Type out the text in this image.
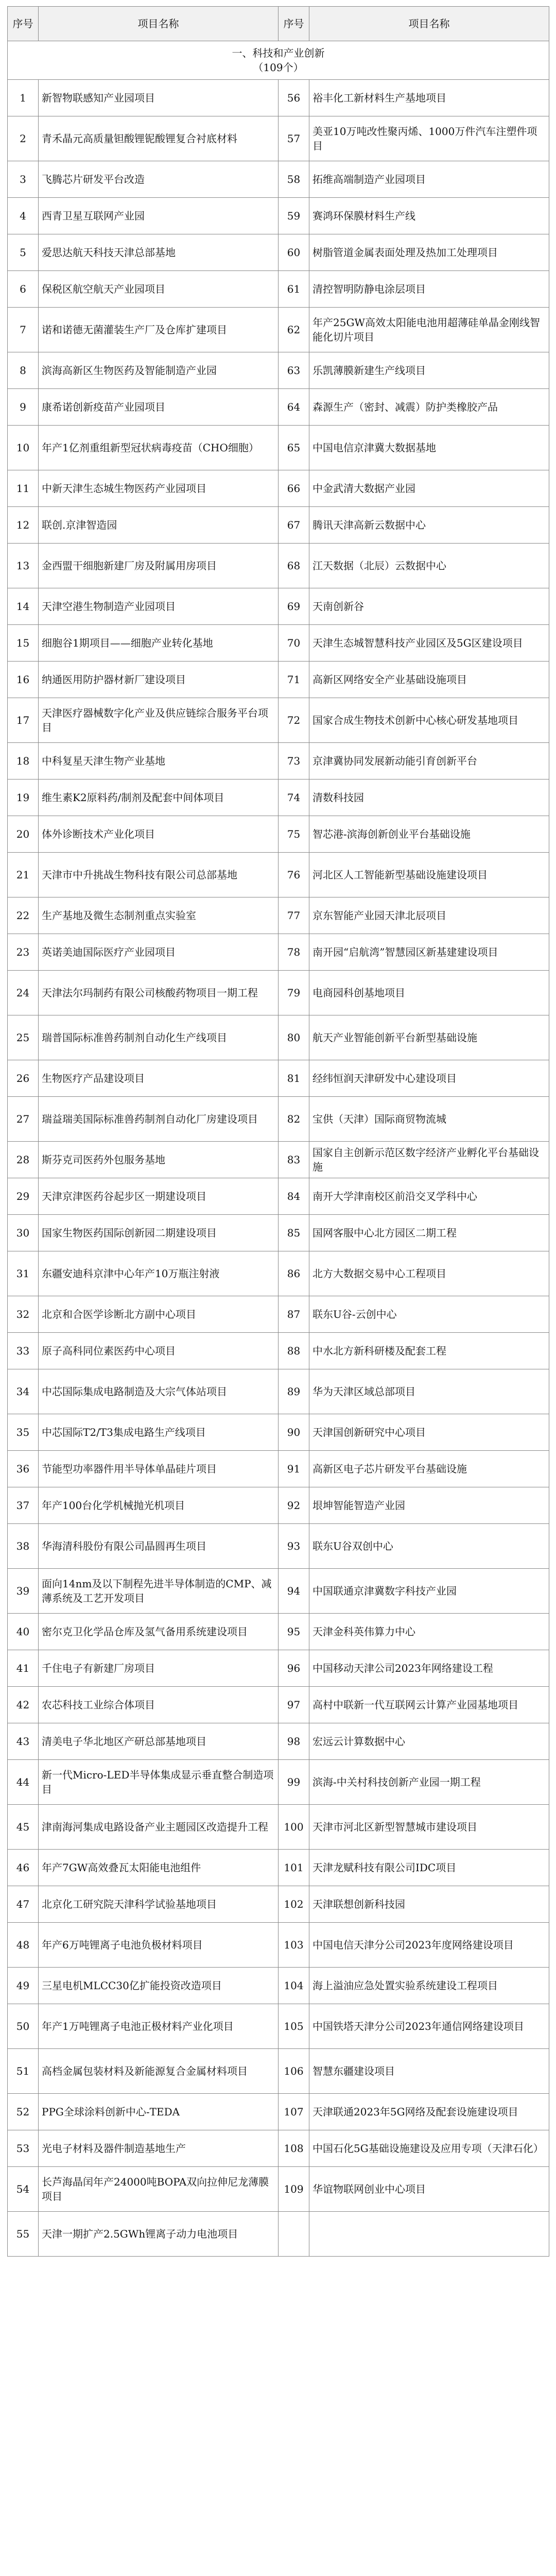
序号	项目名称	序号	项目名称
一、科技和产业创新
（109个）			
1	新智物联感知产业园项目	56	裕丰化工新材料生产基地项目
2	青禾晶元高质量钽酸锂铌酸锂复合衬底材料	57	美亚10万吨改性聚丙烯、1000万件汽车注塑件项目
3	飞腾芯片研发平台改造	58	拓维高端制造产业园项目
4	西青卫星互联网产业园	59	赛鸿环保膜材料生产线
5	爱思达航天科技天津总部基地	60	树脂管道金属表面处理及热加工处理项目
6	保税区航空航天产业园项目	61	清控智明防静电涂层项目
7	诺和诺德无菌灌装生产厂及仓库扩建项目	62	年产25GW高效太阳能电池用超薄硅单晶金刚线智能化切片项目
8	滨海高新区生物医药及智能制造产业园	63	乐凯薄膜新建生产线项目
9	康希诺创新疫苗产业园项目	64	森源生产（密封、减震）防护类橡胶产品
10	年产1亿剂重组新型冠状病毒疫苗（CHO细胞）	65	中国电信京津冀大数据基地
11	中新天津生态城生物医药产业园项目	66	中金武清大数据产业园
12	联创.京津智造园	67	腾讯天津高新云数据中心
13	金西盟干细胞新建厂房及附属用房项目	68	江天数据（北辰）云数据中心
14	天津空港生物制造产业园项目	69	天南创新谷
15	细胞谷1期项目——细胞产业转化基地	70	天津生态城智慧科技产业园区及5G区建设项目
16	纳通医用防护器材新厂建设项目	71	高新区网络安全产业基础设施项目
17	天津医疗器械数字化产业及供应链综合服务平台项目	72	国家合成生物技术创新中心核心研发基地项目
18	中科复星天津生物产业基地	73	京津冀协同发展新动能引育创新平台
19	维生素K2原料药/制剂及配套中间体项目	74	清数科技园
20	体外诊断技术产业化项目	75	智芯港-滨海创新创业平台基础设施
21	天津市中升挑战生物科技有限公司总部基地	76	河北区人工智能新型基础设施建设项目
22	生产基地及微生态制剂重点实验室	77	京东智能产业园天津北辰项目
23	英诺美迪国际医疗产业园项目	78	南开园“启航湾”智慧园区新基建建设项目
24	天津法尔玛制药有限公司核酸药物项目一期工程	79	电商园科创基地项目
25	瑞普国际标准兽药制剂自动化生产线项目	80	航天产业智能创新平台新型基础设施
26	生物医疗产品建设项目	81	经纬恒润天津研发中心建设项目
27	瑞益瑞美国际标准兽药制剂自动化厂房建设项目	82	宝供（天津）国际商贸物流城
28	斯芬克司医药外包服务基地	83	国家自主创新示范区数字经济产业孵化平台基础设施
29	天津京津医药谷起步区一期建设项目	84	南开大学津南校区前沿交叉学科中心
30	国家生物医药国际创新园二期建设项目	85	国网客服中心北方园区二期工程
31	东疆安迪科京津中心年产10万瓶注射液	86	北方大数据交易中心工程项目
32	北京和合医学诊断北方副中心项目	87	联东U谷-云创中心
33	原子高科同位素医药中心项目	88	中水北方新科研楼及配套工程
34	中芯国际集成电路制造及大宗气体站项目	89	华为天津区域总部项目
35	中芯国际T2/T3集成电路生产线项目	90	天津国创新研究中心项目
36	节能型功率器件用半导体单晶硅片项目	91	高新区电子芯片研发平台基础设施
37	年产100台化学机械抛光机项目	92	垠坤智能智造产业园
38	华海清科股份有限公司晶圆再生项目	93	联东U谷双创中心
39	面向14nm及以下制程先进半导体制造的CMP、减薄系统及工艺开发项目	94	中国联通京津冀数字科技产业园
40	密尔克卫化学品仓库及氢气备用系统建设项目	95	天津金科英伟算力中心
41	千住电子有新建厂房项目	96	中国移动天津公司2023年网络建设工程
42	农芯科技工业综合体项目	97	高村中联新一代互联网云计算产业园基地项目
43	清美电子华北地区产研总部基地项目	98	宏远云计算数据中心
44	新一代Micro-LED半导体集成显示垂直整合制造项目	99	滨海-中关村科技创新产业园一期工程
45	津南海河集成电路设备产业主题园区改造提升工程	100	天津市河北区新型智慧城市建设项目
46	年产7GW高效叠瓦太阳能电池组件	101	天津龙赋科技有限公司IDC项目
47	北京化工研究院天津科学试验基地项目	102	天津联想创新科技园
48	年产6万吨锂离子电池负极材料项目	103	中国电信天津分公司2023年度网络建设项目
49	三星电机MLCC30亿扩能投资改造项目	104	海上溢油应急处置实验系统建设工程项目
50	年产1万吨锂离子电池正极材料产业化项目	105	中国铁塔天津分公司2023年通信网络建设项目
51	高档金属包装材料及新能源复合金属材料项目	106	智慧东疆建设项目
52	PPG全球涂料创新中心-TEDA	107	天津联通2023年5G网络及配套设施建设项目
53	光电子材料及器件制造基地生产	108	中国石化5G基础设施建设及应用专项（天津石化）
54	长芦海晶闰年产24000吨BOPA双向拉伸尼龙薄膜项目	109	华谊物联网创业中心项目
55	天津一期扩产2.5GWh锂离子动力电池项目		
